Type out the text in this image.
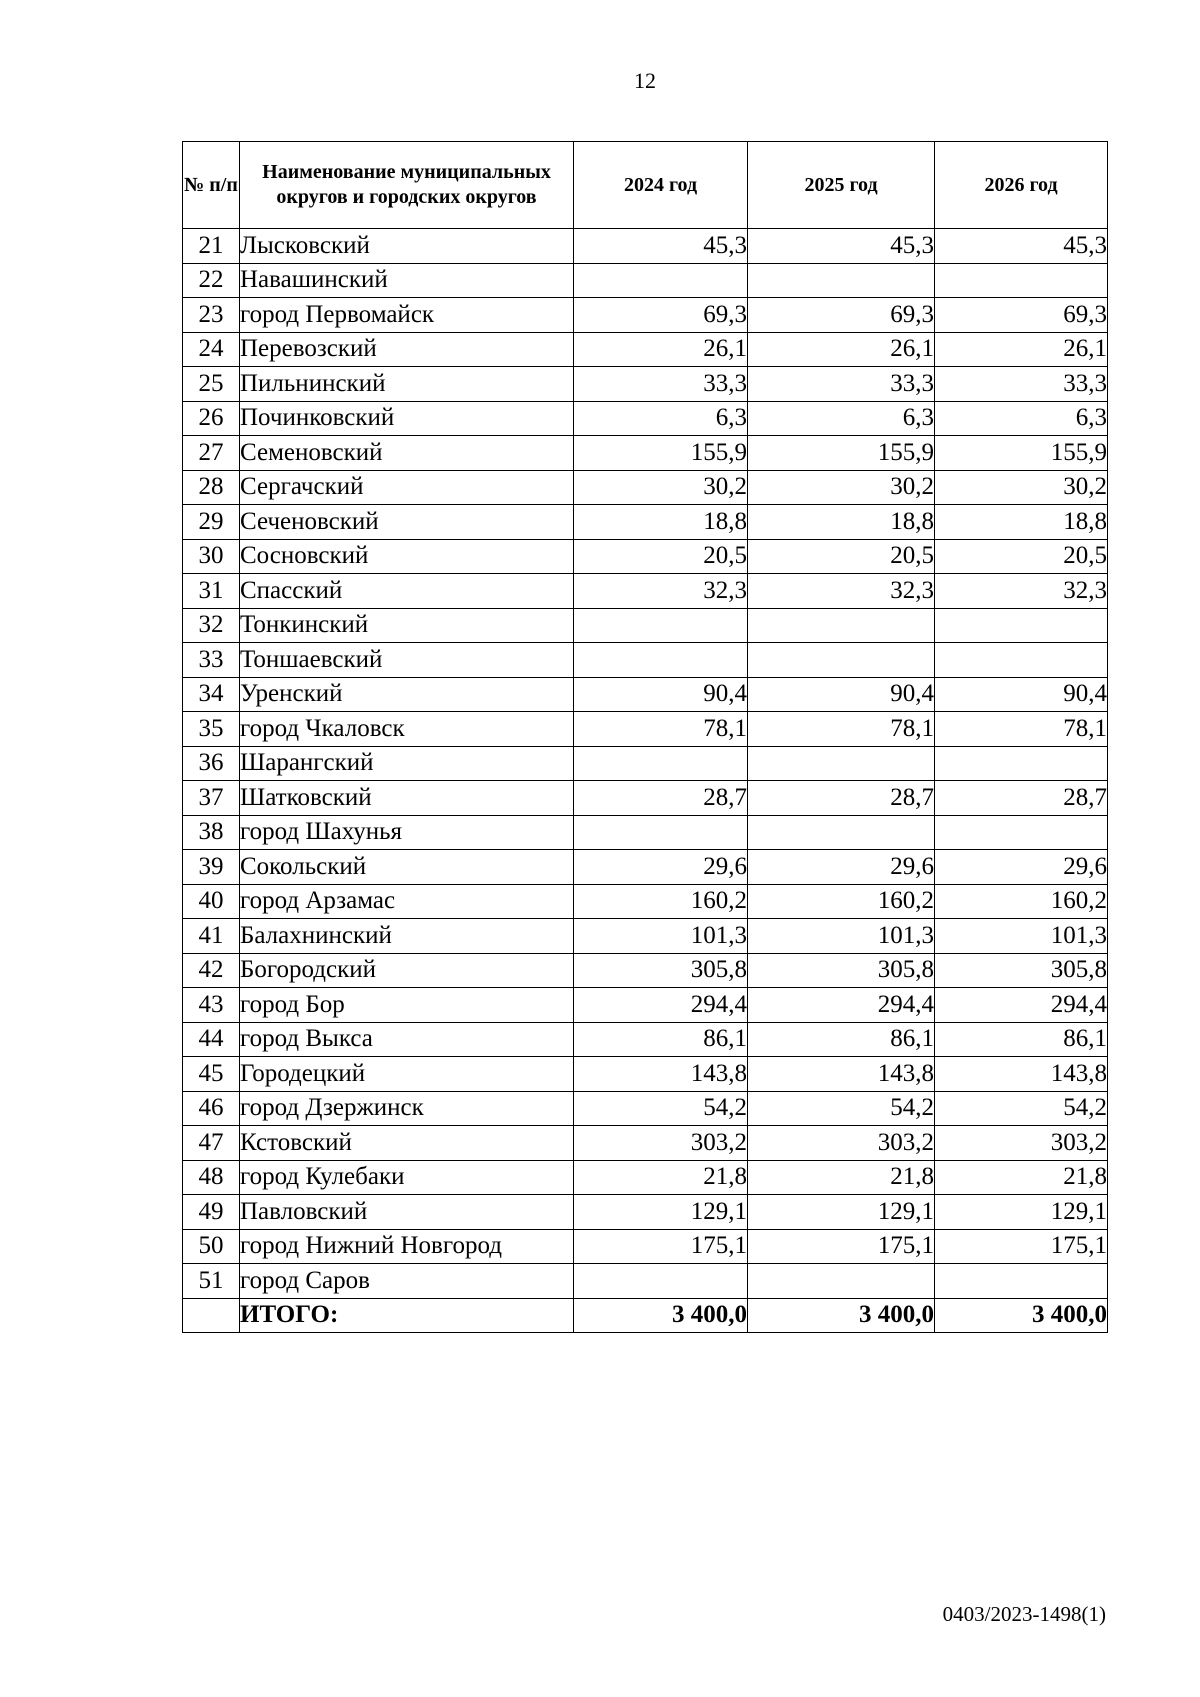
12
№ п/п	Наименование муниципальных округов и городских округов	2024 год	2025 год	2026 год
21	Лысковский	45,3	45,3	45,3
22	Навашинский			
23	город Первомайск	69,3	69,3	69,3
24	Перевозский	26,1	26,1	26,1
25	Пильнинский	33,3	33,3	33,3
26	Починковский	6,3	6,3	6,3
27	Семеновский	155,9	155,9	155,9
28	Сергачский	30,2	30,2	30,2
29	Сеченовский	18,8	18,8	18,8
30	Сосновский	20,5	20,5	20,5
31	Спасский	32,3	32,3	32,3
32	Тонкинский			
33	Тоншаевский			
34	Уренский	90,4	90,4	90,4
35	город Чкаловск	78,1	78,1	78,1
36	Шарангский			
37	Шатковский	28,7	28,7	28,7
38	город Шахунья			
39	Сокольский	29,6	29,6	29,6
40	город Арзамас	160,2	160,2	160,2
41	Балахнинский	101,3	101,3	101,3
42	Богородский	305,8	305,8	305,8
43	город Бор	294,4	294,4	294,4
44	город Выкса	86,1	86,1	86,1
45	Городецкий	143,8	143,8	143,8
46	город Дзержинск	54,2	54,2	54,2
47	Кстовский	303,2	303,2	303,2
48	город Кулебаки	21,8	21,8	21,8
49	Павловский	129,1	129,1	129,1
50	город Нижний Новгород	175,1	175,1	175,1
51	город Саров			
	ИТОГО:	3 400,0	3 400,0	3 400,0
0403/2023-1498(1)
